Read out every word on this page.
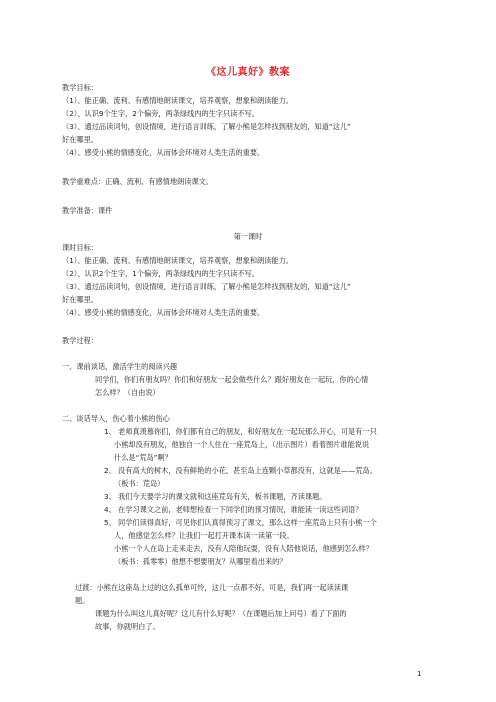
《这儿真好》教案
教学目标：
（1）、能正确、流利、有感情地朗读课文，培养观察，想象和朗读能力。
（2）、认识9个生字，2个偏旁，两条绿线内的生字只读不写。
（3）、通过品读词句，创设情境，进行语言训练，了解小熊是怎样找到朋友的，知道“这儿”
好在哪里。
（4）、感受小熊的情感变化，从而体会环境对人类生活的重要。
教学重难点：正确、流利、有感情地朗读课文。
教学准备：课件
第一课时
课时目标：
（1）、能正确、流利、有感情地朗读课文，培养观察，想象和朗读能力。
（2）、认识2个生字，1个偏旁，两条绿线内的生字只读不写。
（3）、通过品读词句，创设情境，进行语言训练，了解小熊是怎样找到朋友的，知道“这儿”
好在哪里。
（4）、感受小熊的情感变化，从而体会环境对人类生活的重要。
教学过程：
一、课前谈话，激活学生的阅读兴趣
同学们，你们有朋友吗？你们和好朋友一起会做些什么？跟好朋友在一起玩，你的心情
怎么样？（自由说）
二、谈话导入，伤心着小熊的伤心
1、 老师真羡慕你们，你们都有自己的朋友，和好朋友在一起玩那么开心，可是有一只
小熊却没有朋友，他独自一个人住在一座荒岛上，（出示图片）看着图片谁能说说
什么是“荒岛”啊？
2、 没有高大的树木，没有鲜艳的小花，甚至岛上连颗小草都没有，这就是——荒岛。
（板书：荒岛）
3、 我们今天要学习的课文就和这座荒岛有关，板书课题，齐读课题。
4、 在学习课文之前，老师想检查一下同学们的预习情况，谁能读一读这些词语？
5、 同学们读得真好，可见你们认真得预习了课文，那么这样一座荒岛上只有小熊一个
人，他感觉怎么样？让我们一起打开课本读一读第一段。
小熊一个人在岛上走来走去，没有人陪他玩耍，没有人陪他说话，他感到怎么样？
（板书：孤零零）他想不想要朋友？从哪里看出来的？
过渡：小熊在这座岛上过的这么孤单可怜，这儿一点都不好，可是，我们再一起读读课
题。
课题为什么叫这儿真好呢？这儿有什么好呢？（在课题后加上问号）看了下面的
故事，你就明白了。
1
